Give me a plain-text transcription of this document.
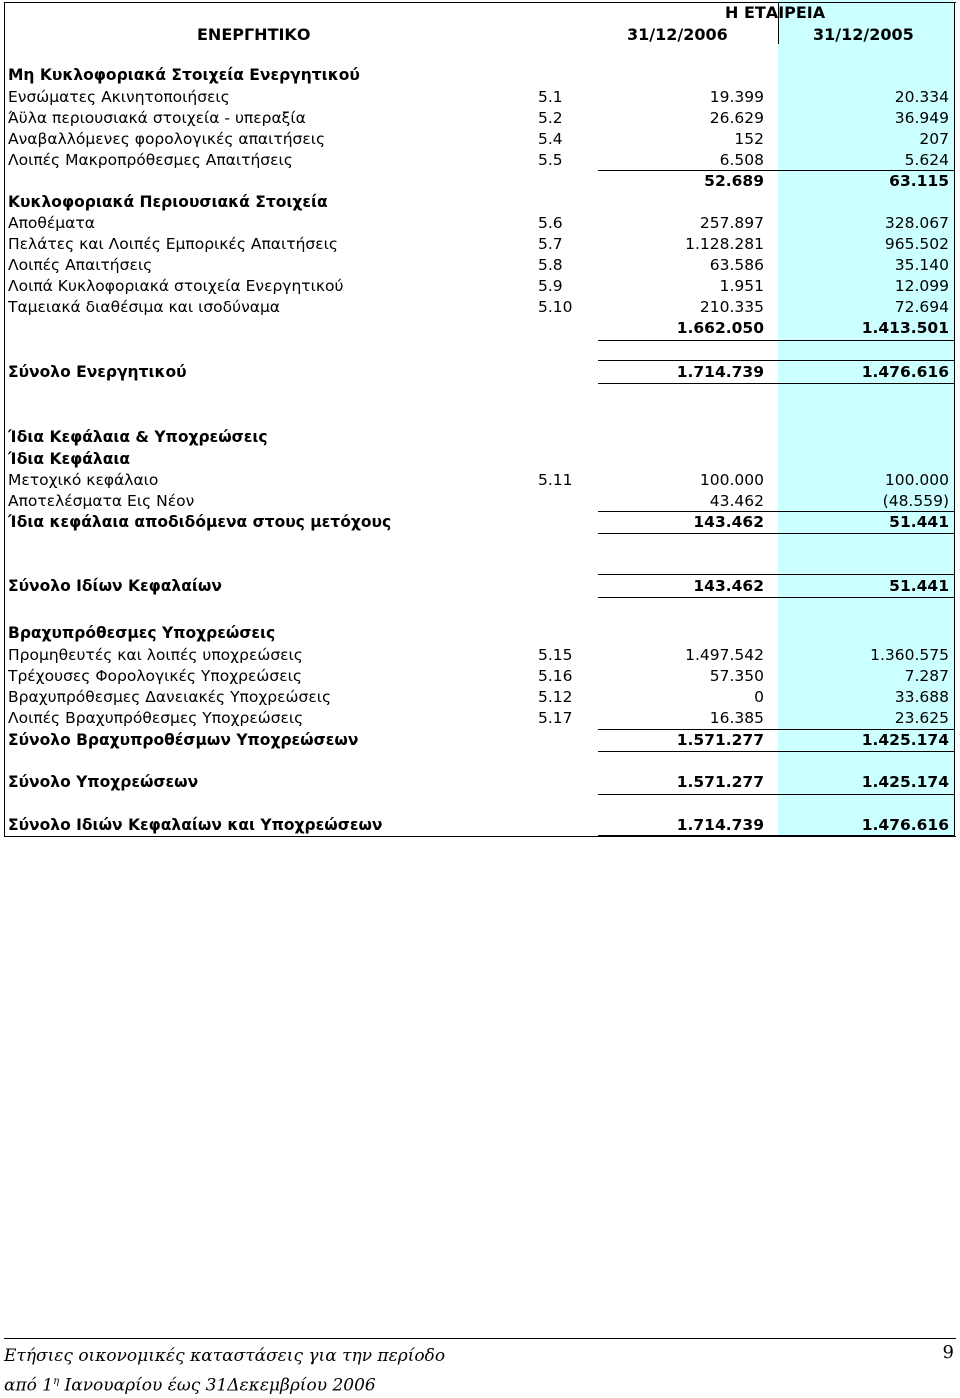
Η ΕΤΑΙΡΕΙΑ
ΕΝΕΡΓΗΤΙΚΟ	31/12/2006	31/12/2005
Μη Κυκλοφοριακά Στοιχεία Ενεργητικού
Ενσώματες Ακινητοποιήσεις	5.1	19.399	20.334
Άϋλα περιουσιακά στοιχεία - υπεραξία	5.2	26.629	36.949
Αναβαλλόμενες φορολογικές απαιτήσεις	5.4	152	207
Λοιπές Μακροπρόθεσμες Απαιτήσεις	5.5	6.508	5.624
52.689	63.115
Κυκλοφοριακά Περιουσιακά Στοιχεία
Αποθέματα	5.6	257.897	328.067
Πελάτες και Λοιπές Εμπορικές Απαιτήσεις	5.7	1.128.281	965.502
Λοιπές Απαιτήσεις	5.8	63.586	35.140
Λοιπά Κυκλοφοριακά στοιχεία Ενεργητικού	5.9	1.951	12.099
Ταμειακά διαθέσιμα και ισοδύναμα	5.10	210.335	72.694
1.662.050	1.413.501
Σύνολο Ενεργητικού	1.714.739	1.476.616
Ίδια Κεφάλαια & Υποχρεώσεις
Ίδια Κεφάλαια
Μετοχικό κεφάλαιο	5.11	100.000	100.000
Αποτελέσματα Εις Νέον	43.462	(48.559)
Ίδια κεφάλαια αποδιδόμενα στους μετόχους	143.462	51.441
Σύνολο Ιδίων Κεφαλαίων	143.462	51.441
Βραχυπρόθεσμες Υποχρεώσεις
Προμηθευτές και λοιπές υποχρεώσεις	5.15	1.497.542	1.360.575
Τρέχουσες Φορολογικές Υποχρεώσεις	5.16	57.350	7.287
Βραχυπρόθεσμες Δανειακές Υποχρεώσεις	5.12	0	33.688
Λοιπές Βραχυπρόθεσμες Υποχρεώσεις	5.17	16.385	23.625
Σύνολο Βραχυπροθέσμων Υποχρεώσεων	1.571.277	1.425.174
Σύνολο Υποχρεώσεων	1.571.277	1.425.174
Σύνολο Ιδιών Κεφαλαίων και Υποχρεώσεων	1.714.739	1.476.616
Ετήσιες οικονομικές καταστάσεις για την περίοδο
από $1^\eta$ Ιανουαρίου έως 31Δεκεμβρίου 2006
9
